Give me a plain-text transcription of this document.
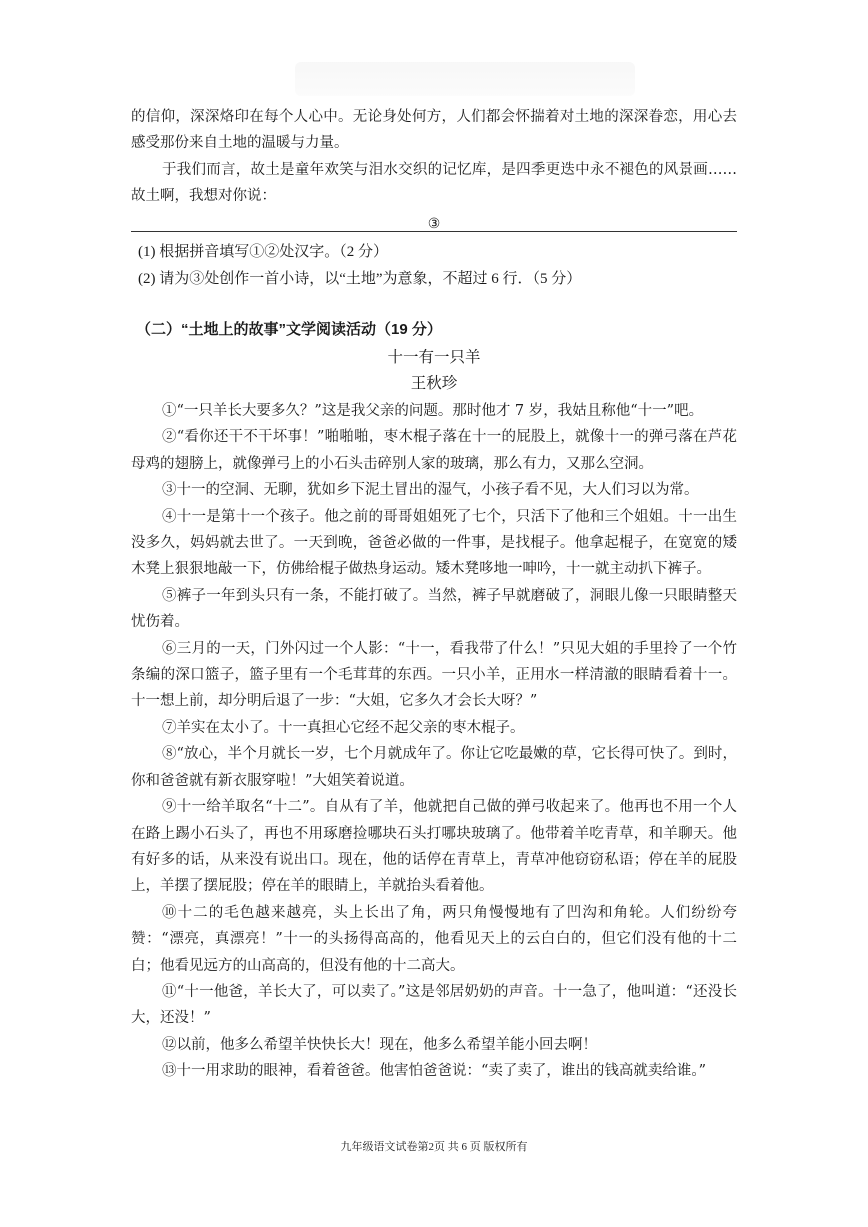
的信仰，深深烙印在每个人心中。无论身处何方，人们都会怀揣着对土地的深深眷恋，用心去感受那份来自土地的温暖与力量。

于我们而言，故土是童年欢笑与泪水交织的记忆库，是四季更迭中永不褪色的风景画……故土啊，我想对你说：

③
(1) 根据拼音填写①②处汉字。（2 分）
(2) 请为③处创作一首小诗，以“土地”为意象，不超过 6 行．（5 分）
（二）“土地上的故事”文学阅读活动（19 分）
十一有一只羊
王秋珍

①“一只羊长大要多久？”这是我父亲的问题。那时他才 7 岁，我姑且称他“十一”吧。

②“看你还干不干坏事！”啪啪啪，枣木棍子落在十一的屁股上，就像十一的弹弓落在芦花母鸡的翅膀上，就像弹弓上的小石头击碎别人家的玻璃，那么有力，又那么空洞。

③十一的空洞、无聊，犹如乡下泥土冒出的湿气，小孩子看不见，大人们习以为常。

④十一是第十一个孩子。他之前的哥哥姐姐死了七个，只活下了他和三个姐姐。十一出生没多久，妈妈就去世了。一天到晚，爸爸必做的一件事，是找棍子。他拿起棍子，在宽宽的矮木凳上狠狠地敲一下，仿佛给棍子做热身运动。矮木凳哆地一呻吟，十一就主动扒下裤子。

⑤裤子一年到头只有一条，不能打破了。当然，裤子早就磨破了，洞眼儿像一只眼睛整天忧伤着。

⑥三月的一天，门外闪过一个人影：“十一，看我带了什么！”只见大姐的手里拎了一个竹条编的深口篮子，篮子里有一个毛茸茸的东西。一只小羊，正用水一样清澈的眼睛看着十一。十一想上前，却分明后退了一步：“大姐，它多久才会长大呀？”

⑦羊实在太小了。十一真担心它经不起父亲的枣木棍子。

⑧“放心，半个月就长一岁，七个月就成年了。你让它吃最嫩的草，它长得可快了。到时，你和爸爸就有新衣服穿啦！”大姐笑着说道。

⑨十一给羊取名“十二”。自从有了羊，他就把自己做的弹弓收起来了。他再也不用一个人在路上踢小石头了，再也不用琢磨捡哪块石头打哪块玻璃了。他带着羊吃青草，和羊聊天。他有好多的话，从来没有说出口。现在，他的话停在青草上，青草冲他窃窃私语；停在羊的屁股上，羊摆了摆屁股；停在羊的眼睛上，羊就抬头看着他。

⑩十二的毛色越来越亮，头上长出了角，两只角慢慢地有了凹沟和角轮。人们纷纷夸赞：“漂亮，真漂亮！”十一的头扬得高高的，他看见天上的云白白的，但它们没有他的十二白；他看见远方的山高高的，但没有他的十二高大。

⑪“十一他爸，羊长大了，可以卖了。”这是邻居奶奶的声音。十一急了，他叫道：“还没长大，还没！”

⑫以前，他多么希望羊快快长大！现在，他多么希望羊能小回去啊！

⑬十一用求助的眼神，看着爸爸。他害怕爸爸说：“卖了卖了，谁出的钱高就卖给谁。”

九年级语文试卷第2页 共 6 页 版权所有
